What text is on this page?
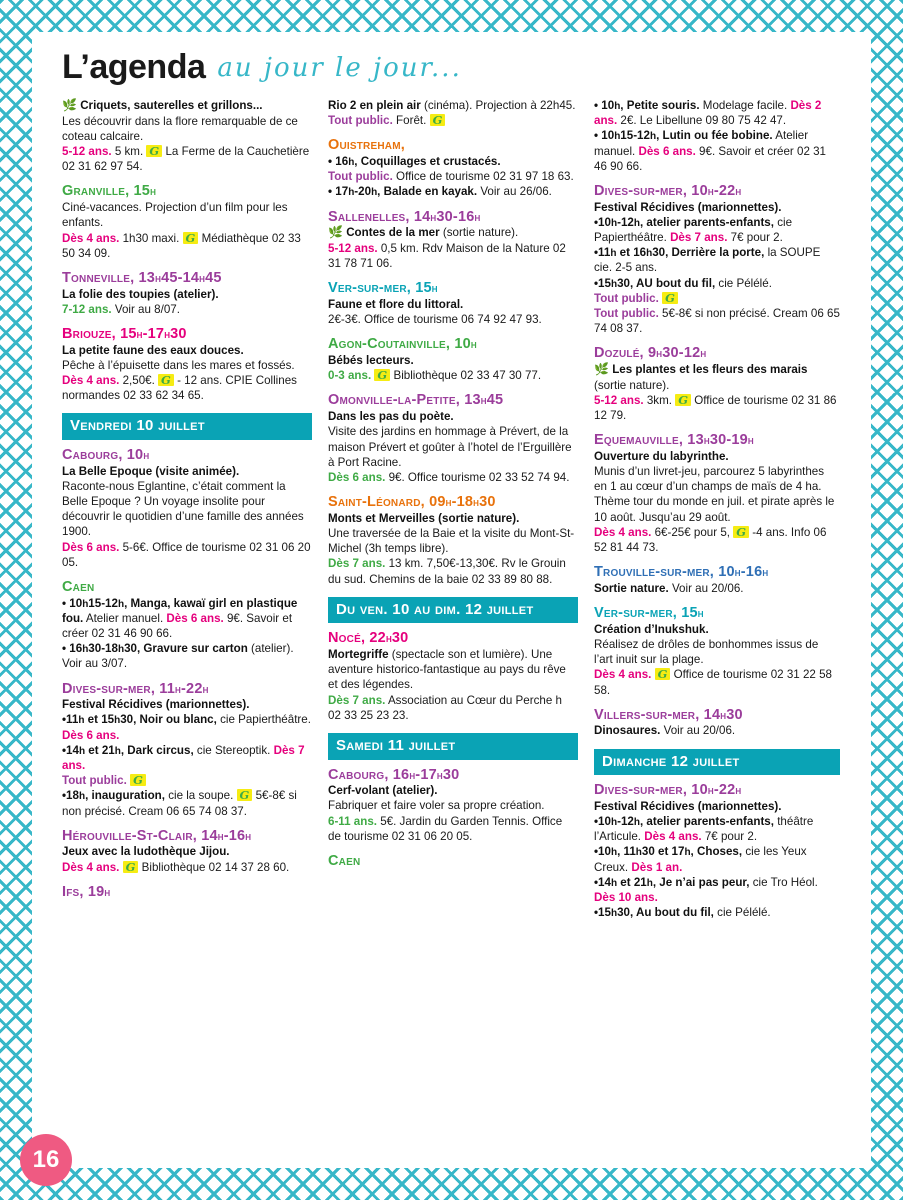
L’agenda au jour le jour...

🌿 Criquets, sauterelles et grillons...

Les découvrir dans la flore remarquable de ce coteau calcaire.

5-12 ans. 5 km. G La Ferme de la Cauchetière 02 31 62 97 54.

Granville, 15h

Ciné-vacances. Projection d’un film pour les enfants.

Dès 4 ans. 1h30 maxi. G Médiathèque 02 33 50 34 09.

Tonneville, 13h45-14h45

La folie des toupies (atelier).

7-12 ans. Voir au 8/07.

Briouze, 15h-17h30

La petite faune des eaux douces.

Pêche à l’épuisette dans les mares et fossés.

Dès 4 ans. 2,50€. G - 12 ans. CPIE Collines normandes 02 33 62 34 65.

Vendredi 10 juillet
Cabourg, 10h

La Belle Epoque (visite animée).

Raconte-nous Eglantine, c’était comment la Belle Epoque ? Un voyage insolite pour découvrir le quotidien d’une famille des années 1900.

Dès 6 ans. 5-6€. Office de tourisme 02 31 06 20 05.

Caen

• 10h15-12h, Manga, kawaï girl en plastique fou. Atelier manuel. Dès 6 ans. 9€. Savoir et créer 02 31 46 90 66.

• 16h30-18h30, Gravure sur carton (atelier). Voir au 3/07.

Dives-sur-mer, 11h-22h

Festival Récidives (marionnettes).

•11h et 15h30, Noir ou blanc, cie Papierthéâtre. Dès 6 ans.

•14h et 21h, Dark circus, cie Stereoptik. Dès 7 ans.

Tout public. G

•18h, inauguration, cie la soupe. G 5€-8€ si non précisé. Cream 06 65 74 08 37.

Hérouville-St-Clair, 14h-16h

Jeux avec la ludothèque Jijou.

Dès 4 ans. G Bibliothèque 02 14 37 28 60.

Ifs, 19h

Rio 2 en plein air (cinéma). Projection à 22h45.

Tout public. Forêt. G

Ouistreham,

• 16h, Coquillages et crustacés.

Tout public. Office de tourisme 02 31 97 18 63.

• 17h-20h, Balade en kayak. Voir au 26/06.

Sallenelles, 14h30-16h

🌿 Contes de la mer (sortie nature).

5-12 ans. 0,5 km. Rdv Maison de la Nature 02 31 78 71 06.

Ver-sur-mer, 15h

Faune et flore du littoral.

2€-3€. Office de tourisme 06 74 92 47 93.

Agon-Coutainville, 10h

Bébés lecteurs.

0-3 ans. G Bibliothèque 02 33 47 30 77.

Omonville-la-Petite, 13h45

Dans les pas du poète.

Visite des jardins en hommage à Prévert, de la maison Prévert et goûter à l’hotel de l’Erguillère à Port Racine.

Dès 6 ans. 9€. Office tourisme 02 33 52 74 94.

Saint-Léonard, 09h-18h30

Monts et Merveilles (sortie nature).

Une traversée de la Baie et la visite du Mont-St-Michel (3h temps libre).

Dès 7 ans. 13 km. 7,50€-13,30€. Rv le Grouin du sud. Chemins de la baie 02 33 89 80 88.

Du ven. 10 au dim. 12 juillet
Nocé, 22h30

Mortegriffe (spectacle son et lumière). Une aventure historico-fantastique au pays du rêve et des légendes.

Dès 7 ans. Association au Cœur du Perche h 02 33 25 23 23.

Samedi 11 juillet
Cabourg, 16h-17h30

Cerf-volant (atelier).

Fabriquer et faire voler sa propre création.

6-11 ans. 5€. Jardin du Garden Tennis. Office de tourisme 02 31 06 20 05.

Caen

• 10h, Petite souris. Modelage facile. Dès 2 ans. 2€. Le Libellune 09 80 75 42 47.

• 10h15-12h, Lutin ou fée bobine. Atelier manuel. Dès 6 ans. 9€. Savoir et créer 02 31 46 90 66.

Dives-sur-mer, 10h-22h

Festival Récidives (marionnettes).

•10h-12h, atelier parents-enfants, cie Papierthéâtre. Dès 7 ans. 7€ pour 2.

•11h et 16h30, Derrière la porte, la SOUPE cie. 2-5 ans.

•15h30, AU bout du fil, cie Pélélé.

Tout public. G

Tout public. 5€-8€ si non précisé. Cream 06 65 74 08 37.

Dozulé, 9h30-12h

🌿 Les plantes et les fleurs des marais (sortie nature).

5-12 ans. 3km. G Office de tourisme 02 31 86 12 79.

Equemauville, 13h30-19h

Ouverture du labyrinthe.

Munis d’un livret-jeu, parcourez 5 labyrinthes en 1 au cœur d’un champs de maïs de 4 ha. Thème tour du monde en juil. et pirate après le 10 août. Jusqu’au 29 août.

Dès 4 ans. 6€-25€ pour 5, G -4 ans. Info 06 52 81 44 73.

Trouville-sur-mer, 10h-16h

Sortie nature. Voir au 20/06.

Ver-sur-mer, 15h

Création d’Inukshuk.

Réalisez de drôles de bonhommes issus de l’art inuit sur la plage.

Dès 4 ans. G Office de tourisme 02 31 22 58 58.

Villers-sur-mer, 14h30

Dinosaures. Voir au 20/06.

Dimanche 12 juillet
Dives-sur-mer, 10h-22h

Festival Récidives (marionnettes).

•10h-12h, atelier parents-enfants, théâtre l’Articule. Dès 4 ans. 7€ pour 2.

•10h, 11h30 et 17h, Choses, cie les Yeux Creux. Dès 1 an.

•14h et 21h, Je n’ai pas peur, cie Tro Héol. Dès 10 ans.

•15h30, Au bout du fil, cie Pélélé.

16
